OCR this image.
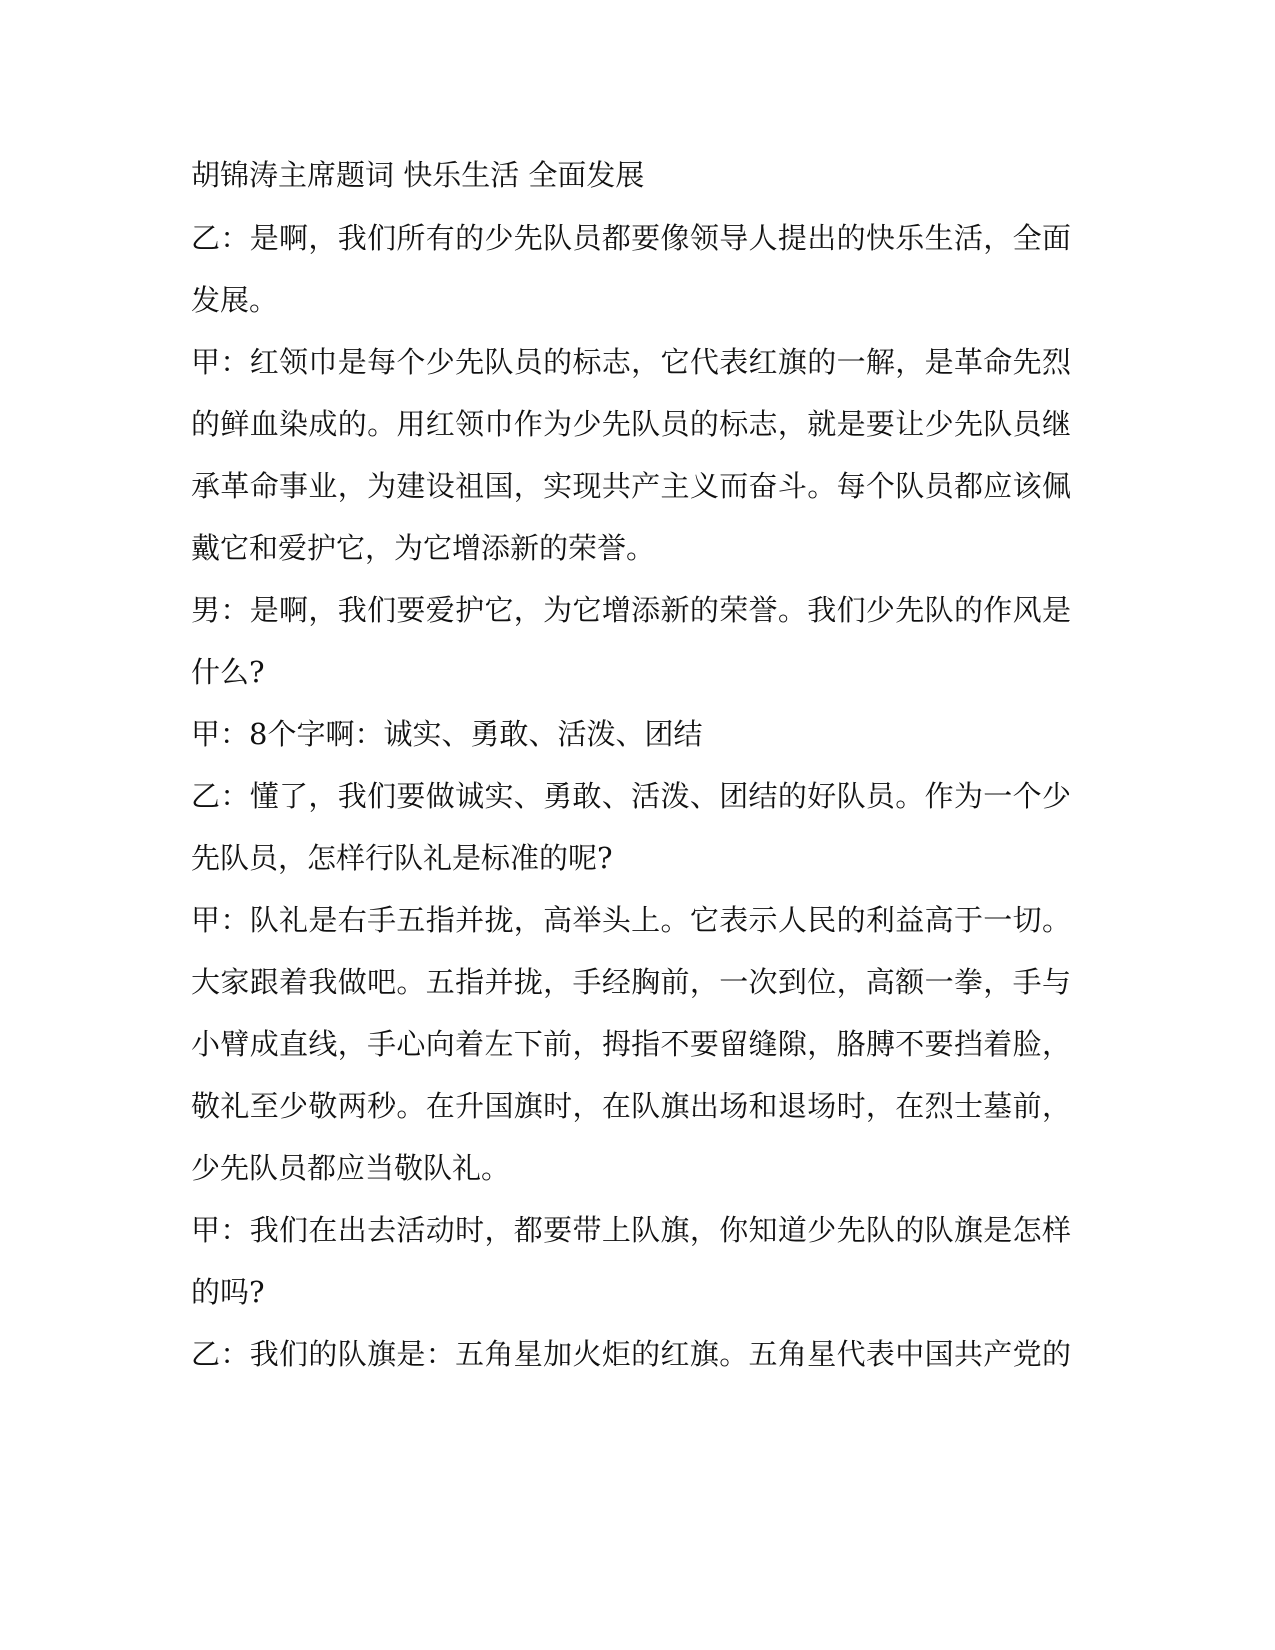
胡锦涛主席题词 快乐生活 全面发展
乙：是啊，我们所有的少先队员都要像领导人提出的快乐生活，全面
发展。
甲：红领巾是每个少先队员的标志，它代表红旗的一解，是革命先烈
的鲜血染成的。用红领巾作为少先队员的标志，就是要让少先队员继
承革命事业，为建设祖国，实现共产主义而奋斗。每个队员都应该佩
戴它和爱护它，为它增添新的荣誉。
男：是啊，我们要爱护它，为它增添新的荣誉。我们少先队的作风是
什么?
甲：8个字啊：诚实、勇敢、活泼、团结
乙：懂了，我们要做诚实、勇敢、活泼、团结的好队员。作为一个少
先队员，怎样行队礼是标准的呢?
甲：队礼是右手五指并拢，高举头上。它表示人民的利益高于一切。
大家跟着我做吧。五指并拢，手经胸前，一次到位，高额一拳，手与
小臂成直线，手心向着左下前，拇指不要留缝隙，胳膊不要挡着脸，
敬礼至少敬两秒。在升国旗时，在队旗出场和退场时，在烈士墓前，
少先队员都应当敬队礼。
甲：我们在出去活动时，都要带上队旗，你知道少先队的队旗是怎样
的吗?
乙：我们的队旗是：五角星加火炬的红旗。五角星代表中国共产党的
